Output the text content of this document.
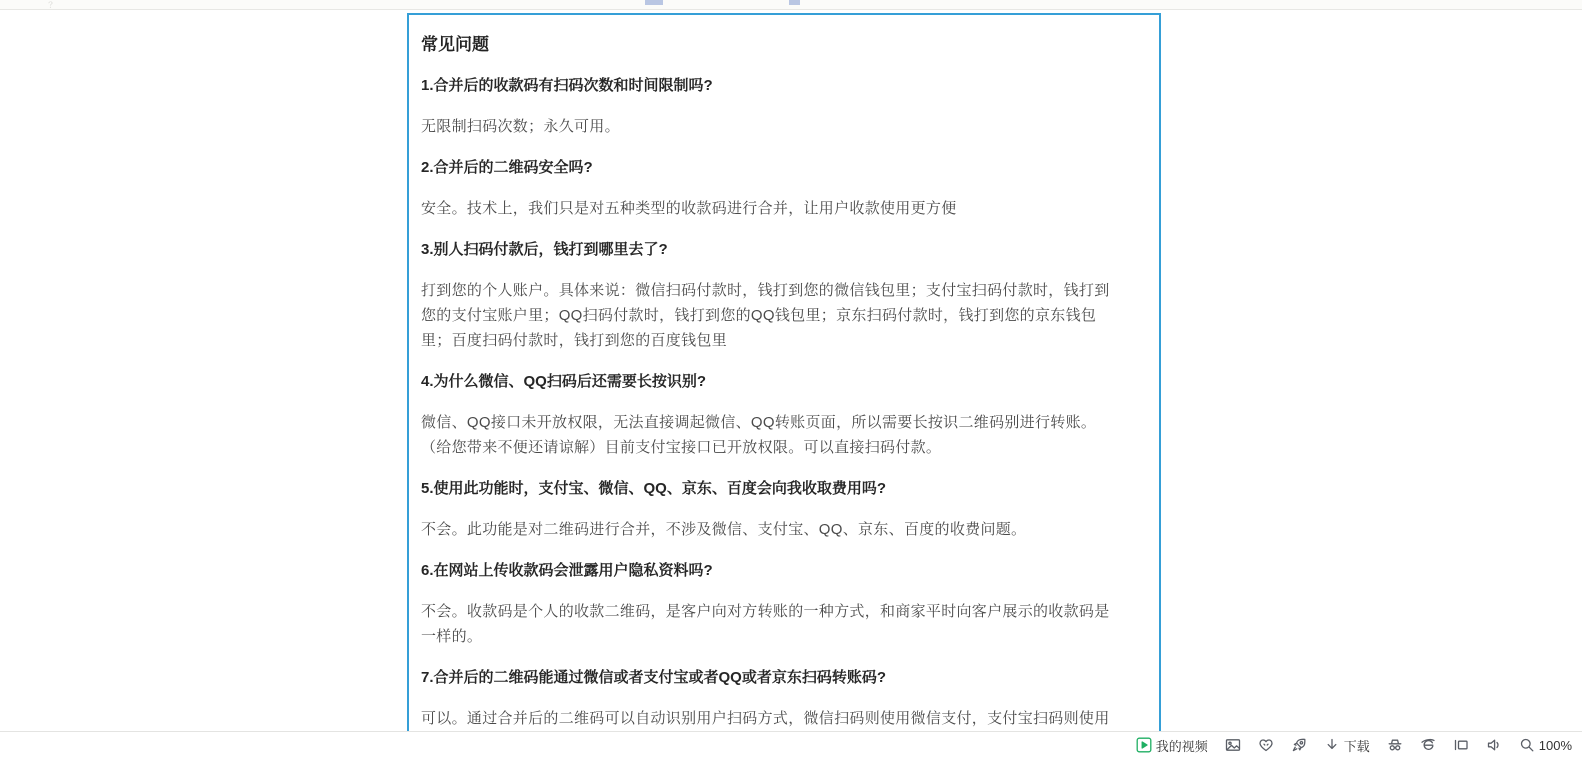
﹖
常见问题

1.合并后的收款码有扫码次数和时间限制吗?

无限制扫码次数；永久可用。

2.合并后的二维码安全吗?

安全。技术上，我们只是对五种类型的收款码进行合并，让用户收款使用更方便

3.别人扫码付款后，钱打到哪里去了?

打到您的个人账户。具体来说：微信扫码付款时，钱打到您的微信钱包里；支付宝扫码付款时，钱打到您的支付宝账户里；QQ扫码付款时，钱打到您的QQ钱包里；京东扫码付款时，钱打到您的京东钱包里；百度扫码付款时，钱打到您的百度钱包里

4.为什么微信、QQ扫码后还需要长按识别?

微信、QQ接口未开放权限，无法直接调起微信、QQ转账页面，所以需要长按识二维码别进行转账。（给您带来不便还请谅解）目前支付宝接口已开放权限。可以直接扫码付款。

5.使用此功能时，支付宝、微信、QQ、京东、百度会向我收取费用吗?

不会。此功能是对二维码进行合并，不涉及微信、支付宝、QQ、京东、百度的收费问题。

6.在网站上传收款码会泄露用户隐私资料吗?

不会。收款码是个人的收款二维码，是客户向对方转账的一种方式，和商家平时向客户展示的收款码是一样的。

7.合并后的二维码能通过微信或者支付宝或者QQ或者京东扫码转账码?

可以。通过合并后的二维码可以自动识别用户扫码方式，微信扫码则使用微信支付，支付宝扫码则使用

我的视频	下载	100%
